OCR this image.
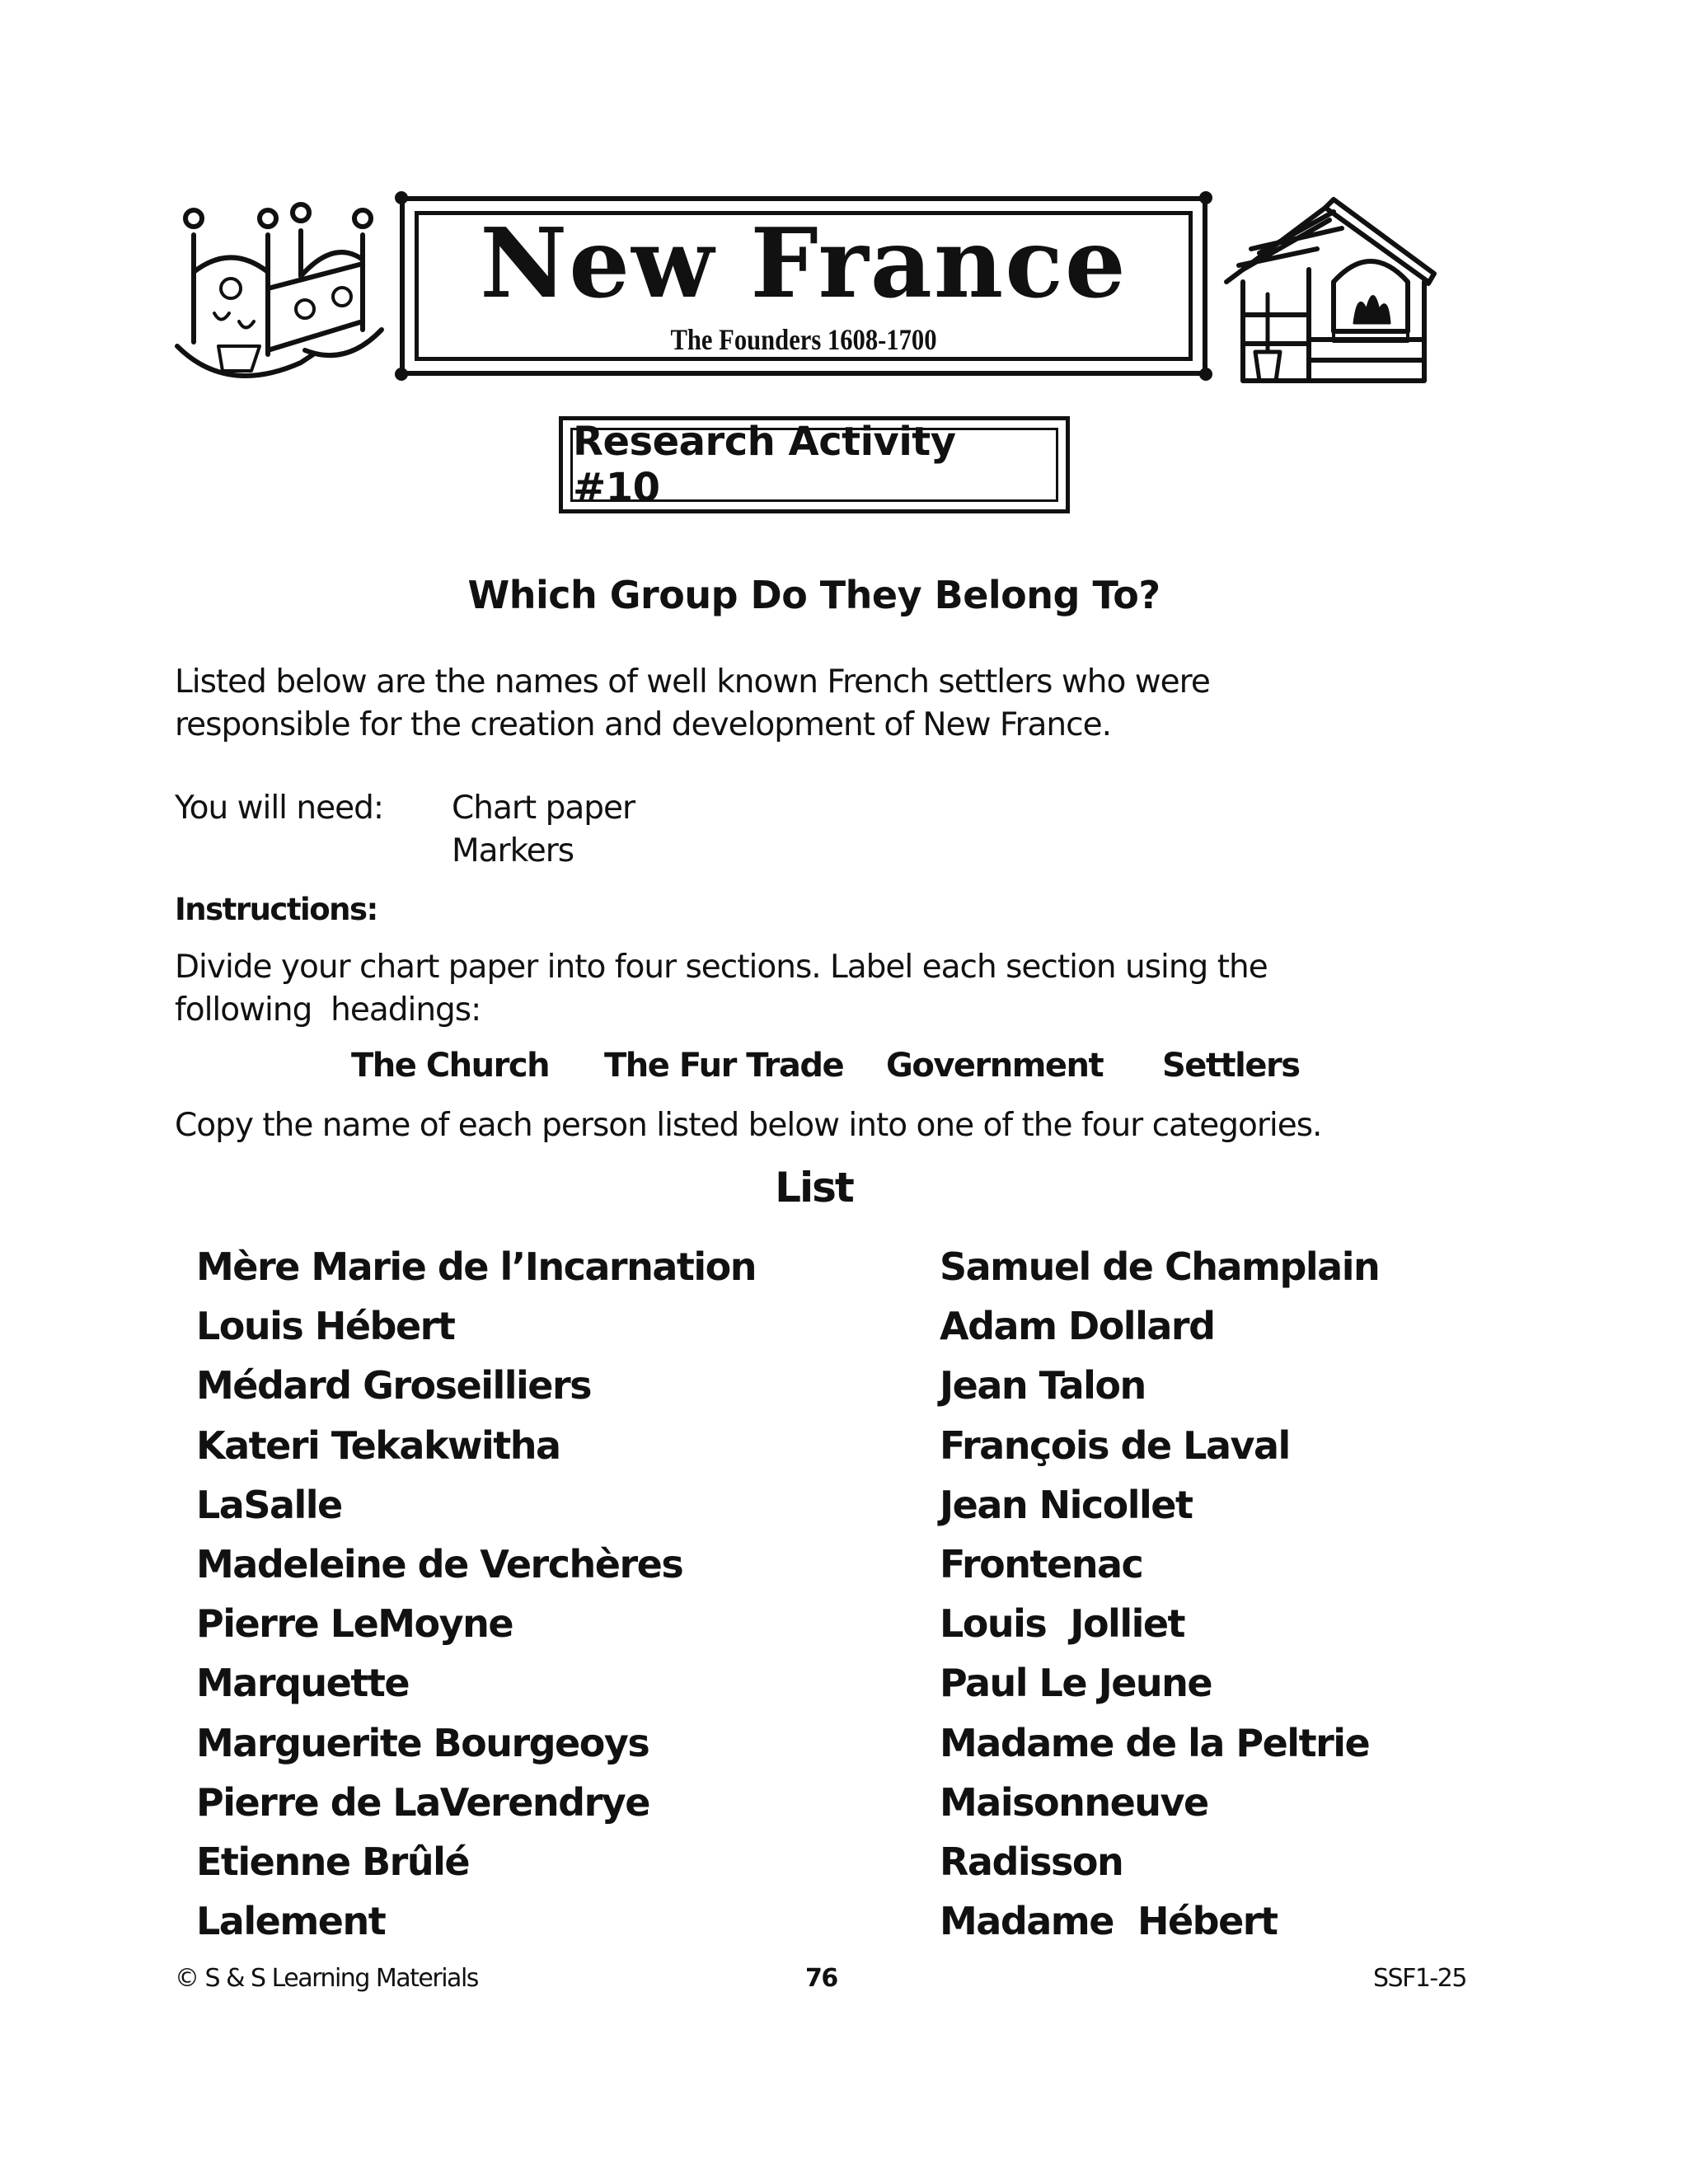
New France
The Founders 1608-1700
Research Activity #10
Which Group Do They Belong To?
Listed below are the names of well known French settlers who were
responsible for the creation and development of New France.
You will need: Chart paper
Markers
Instructions:
Divide your chart paper into four sections. Label each section using the
following  headings:
The Church The Fur Trade Government Settlers
Copy the name of each person listed below into one of the four categories.
List
Mère Marie de l’Incarnation
Louis Hébert
Médard Groseilliers
Kateri Tekakwitha
LaSalle
Madeleine de Verchères
Pierre LeMoyne
Marquette
Marguerite Bourgeoys
Pierre de LaVerendrye
Etienne Brûlé
Lalement
Samuel de Champlain
Adam Dollard
Jean Talon
François de Laval
Jean Nicollet
Frontenac
Louis  Jolliet
Paul Le Jeune
Madame de la Peltrie
Maisonneuve
Radisson
Madame  Hébert
© S & S Learning Materials	76	SSF1-25
